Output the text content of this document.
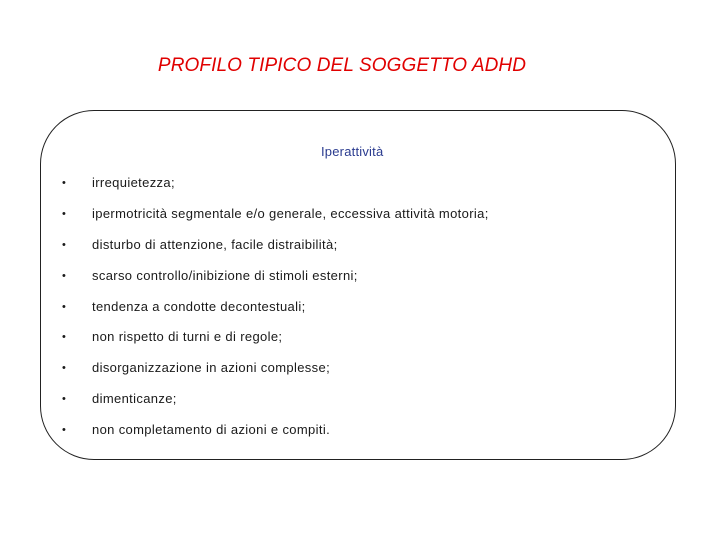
PROFILO TIPICO DEL SOGGETTO ADHD
Iperattività
•	irrequietezza;
•	ipermotricità segmentale e/o generale, eccessiva attività motoria;
•	disturbo di attenzione, facile distraibilità;
•	scarso controllo/inibizione di stimoli esterni;
•	tendenza a condotte decontestuali;
•	non rispetto di turni e di regole;
•	disorganizzazione in azioni complesse;
•	dimenticanze;
•	non completamento di azioni e compiti.
